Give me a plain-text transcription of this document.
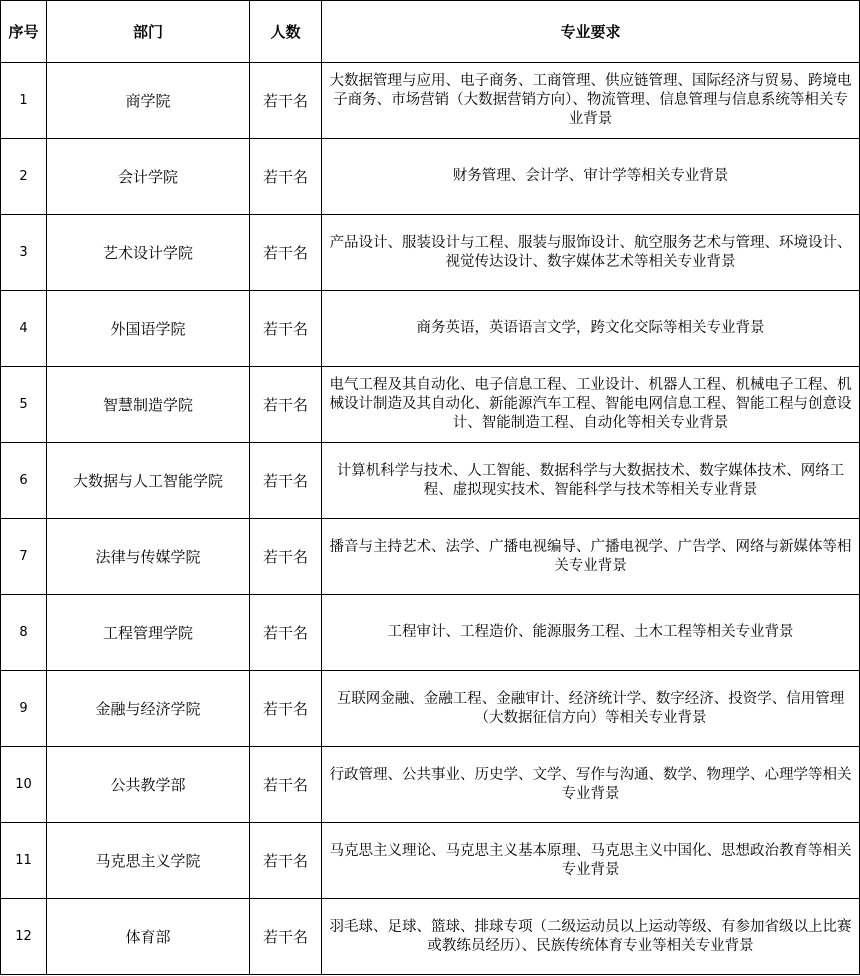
序号	部门	人数	专业要求
1	商学院	若干名	大数据管理与应用、电子商务、工商管理、供应链管理、国际经济与贸易、跨境电子商务、市场营销（大数据营销方向）、物流管理、信息管理与信息系统等相关专业背景
2	会计学院	若干名	财务管理、会计学、审计学等相关专业背景
3	艺术设计学院	若干名	产品设计、服装设计与工程、服装与服饰设计、航空服务艺术与管理、环境设计、视觉传达设计、数字媒体艺术等相关专业背景
4	外国语学院	若干名	商务英语，英语语言文学，跨文化交际等相关专业背景
5	智慧制造学院	若干名	电气工程及其自动化、电子信息工程、工业设计、机器人工程、机械电子工程、机械设计制造及其自动化、新能源汽车工程、智能电网信息工程、智能工程与创意设计、智能制造工程、自动化等相关专业背景
6	大数据与人工智能学院	若干名	计算机科学与技术、人工智能、数据科学与大数据技术、数字媒体技术、网络工程、虚拟现实技术、智能科学与技术等相关专业背景
7	法律与传媒学院	若干名	播音与主持艺术、法学、广播电视编导、广播电视学、广告学、网络与新媒体等相关专业背景
8	工程管理学院	若干名	工程审计、工程造价、能源服务工程、土木工程等相关专业背景
9	金融与经济学院	若干名	互联网金融、金融工程、金融审计、经济统计学、数字经济、投资学、信用管理（大数据征信方向）等相关专业背景
10	公共教学部	若干名	行政管理、公共事业、历史学、文学、写作与沟通、数学、物理学、心理学等相关专业背景
11	马克思主义学院	若干名	马克思主义理论、马克思主义基本原理、马克思主义中国化、思想政治教育等相关专业背景
12	体育部	若干名	羽毛球、足球、篮球、排球专项（二级运动员以上运动等级、有参加省级以上比赛或教练员经历）、民族传统体育专业等相关专业背景
